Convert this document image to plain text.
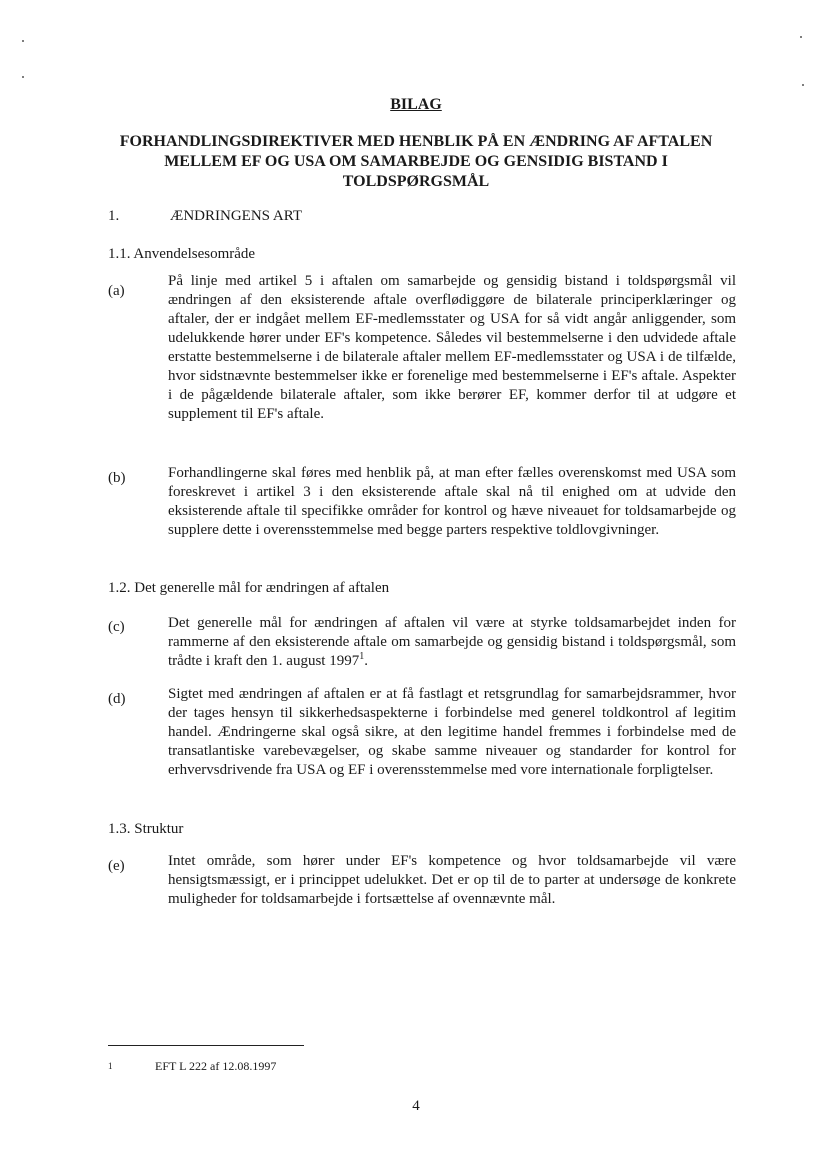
BILAG
FORHANDLINGSDIREKTIVER MED HENBLIK PÅ EN ÆNDRING AF AFTALEN
MELLEM EF OG USA OM SAMARBEJDE OG GENSIDIG BISTAND I
TOLDSPØRGSMÅL
1.	ÆNDRINGENS ART
1.1. Anvendelsesområde
(a)
På linje med artikel 5 i aftalen om samarbejde og gensidig bistand i toldspørgsmål vil ændringen af den eksisterende aftale overflødiggøre de bilaterale principerklæringer og aftaler, der er indgået mellem EF-medlemsstater og USA for så vidt angår anliggender, som udelukkende hører under EF's kompetence. Således vil bestemmelserne i den udvidede aftale erstatte bestemmelserne i de bilaterale aftaler mellem EF-medlemsstater og USA i de tilfælde, hvor sidstnævnte bestemmelser ikke er forenelige med bestemmelserne i EF's aftale. Aspekter i de pågældende bilaterale aftaler, som ikke berører EF, kommer derfor til at udgøre et supplement til EF's aftale.
(b)	Forhandlingerne skal føres med henblik på, at man efter fælles overenskomst med USA som foreskrevet i artikel 3 i den eksisterende aftale skal nå til enighed om at udvide den eksisterende aftale til specifikke områder for kontrol og hæve niveauet for toldsamarbejde og supplere dette i overensstemmelse med begge parters respektive toldlovgivninger.
1.2. Det generelle mål for ændringen af aftalen
(c)	Det generelle mål for ændringen af aftalen vil være at styrke toldsamarbejdet inden for rammerne af den eksisterende aftale om samarbejde og gensidig bistand i toldspørgsmål, som trådte i kraft den 1. august 1997$^1$.
(d)	Sigtet med ændringen af aftalen er at få fastlagt et retsgrundlag for samarbejdsrammer, hvor der tages hensyn til sikkerhedsaspekterne i forbindelse med generel toldkontrol af legitim handel. Ændringerne skal også sikre, at den legitime handel fremmes i forbindelse med de transatlantiske varebevægelser, og skabe samme niveauer og standarder for kontrol for erhvervsdrivende fra USA og EF i overensstemmelse med vore internationale forpligtelser.
1.3. Struktur
(e)	Intet område, som hører under EF's kompetence og hvor toldsamarbejde vil være hensigtsmæssigt, er i princippet udelukket. Det er op til de to parter at undersøge de konkrete muligheder for toldsamarbejde i fortsættelse af ovennævnte mål.
1	EFT L 222 af 12.08.1997
4
